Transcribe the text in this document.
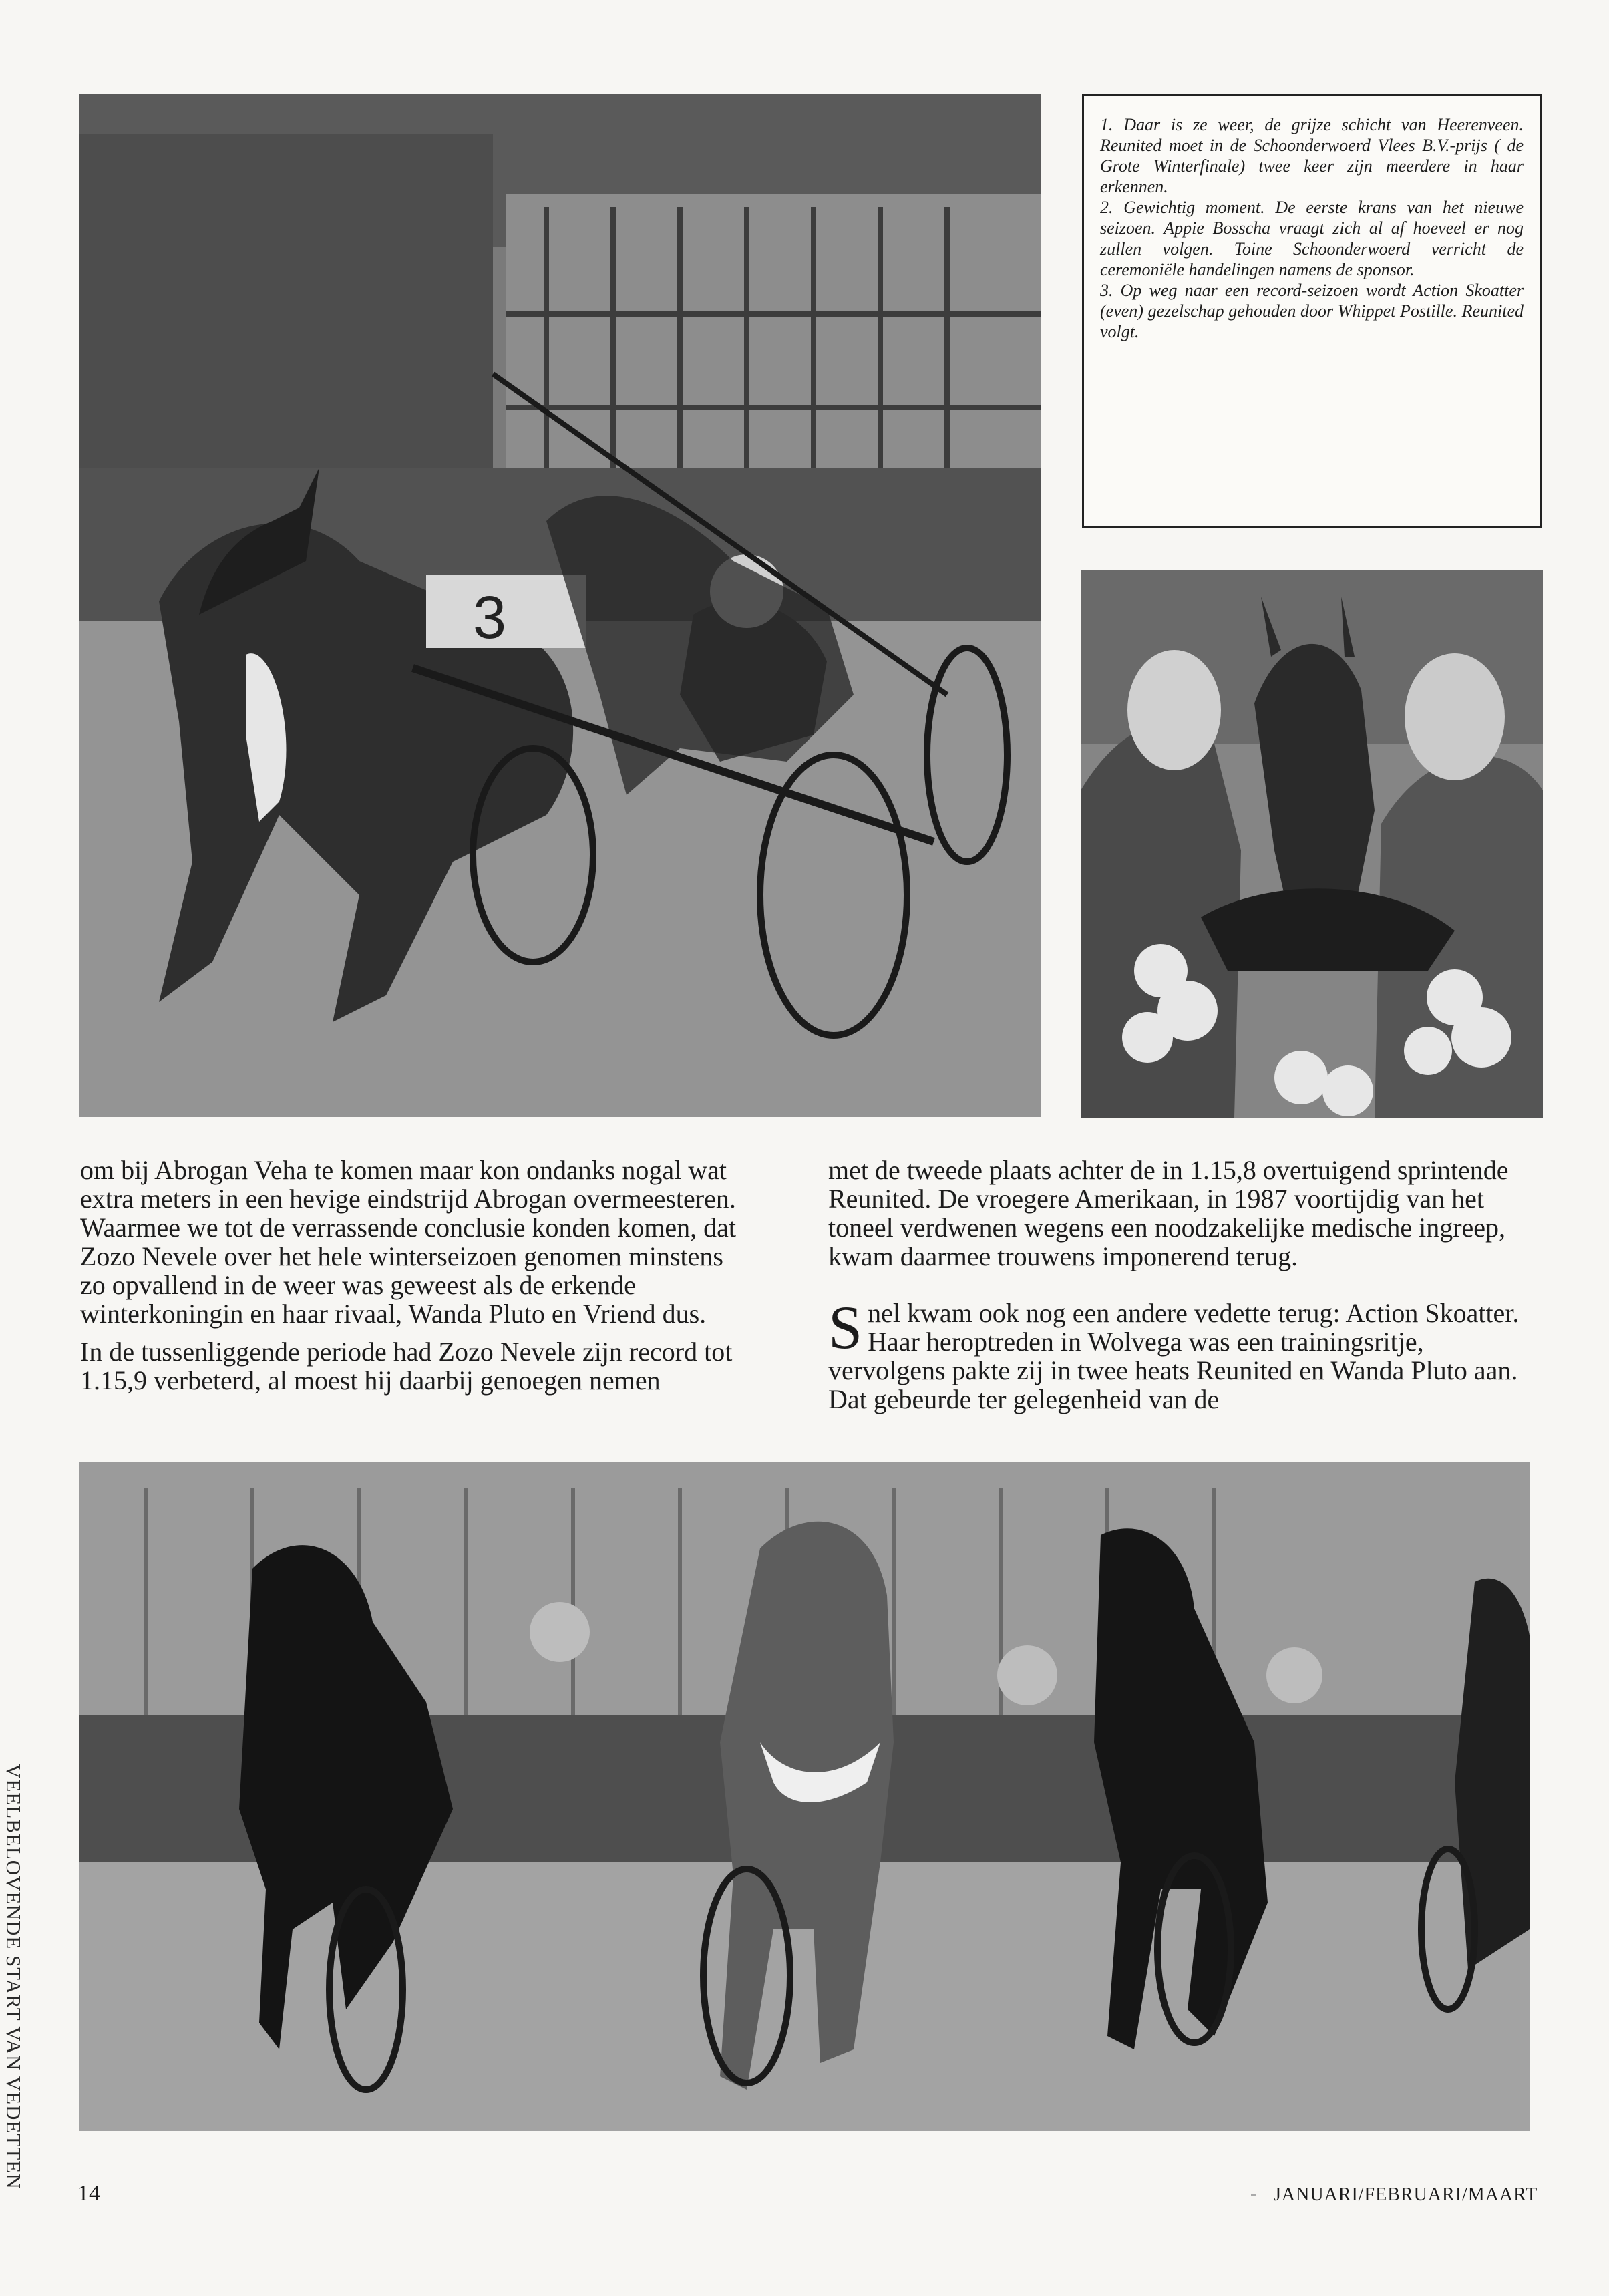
3

1. Daar is ze weer, de grijze schicht van Heerenveen. Reunited moet in de Schoonderwoerd Vlees B.V.-prijs ( de Grote Winterfinale) twee keer zijn meerdere in haar erkennen.

2. Gewichtig moment. De eerste krans van het nieuwe seizoen. Appie Bosscha vraagt zich al af hoeveel er nog zullen volgen. Toine Schoonderwoerd verricht de ceremoniële handelingen namens de sponsor.

3. Op weg naar een record-seizoen wordt Action Skoatter (even) gezelschap gehouden door Whippet Postille. Reunited volgt.

om bij Abrogan Veha te komen maar kon ondanks nogal wat extra meters in een hevige eindstrijd Abrogan overmeesteren. Waarmee we tot de verrassende conclusie konden komen, dat Zozo Nevele over het hele winterseizoen genomen minstens zo opvallend in de weer was geweest als de erkende winterkoningin en haar rivaal, Wanda Pluto en Vriend dus.

In de tussenliggende periode had Zozo Nevele zijn record tot 1.15,9 verbeterd, al moest hij daarbij genoegen nemen

met de tweede plaats achter de in 1.15,8 overtuigend sprintende Reunited. De vroegere Amerikaan, in 1987 voortijdig van het toneel verdwenen wegens een noodzakelijke medische ingreep, kwam daarmee trouwens imponerend terug.

Snel kwam ook nog een andere vedette terug: Action Skoatter. Haar heroptreden in Wolvega was een trainingsritje, vervolgens pakte zij in twee heats Reunited en Wanda Pluto aan. Dat gebeurde ter gelegenheid van de

VEELBELOVENDE START VAN VEDETTEN
14	JANUARI/FEBRUARI/MAART
